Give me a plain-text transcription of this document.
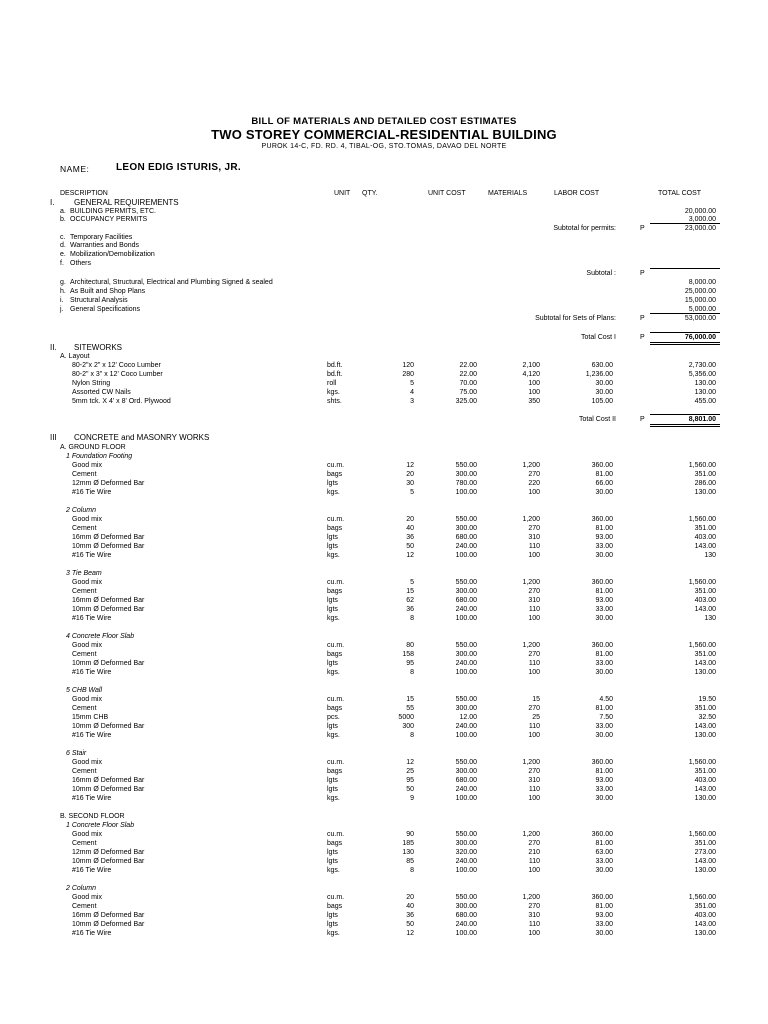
BILL OF MATERIALS AND DETAILED COST ESTIMATES
TWO STOREY COMMERCIAL-RESIDENTIAL BUILDING
PUROK 14-C, FD. RD. 4, TIBAL-OG, STO.TOMAS, DAVAO DEL NORTE
NAME:	LEON EDIG ISTURIS, JR.
DESCRIPTION	UNIT QTY.	UNIT COST	MATERIALS	LABOR COST	TOTAL COST
I. GENERAL REQUIREMENTS
a. BUILDING PERMITS, ETC.	20,000.00
b. OCCUPANCY PERMITS	3,000.00
Subtotal for permits:	P	23,000.00
c. Temporary Facilities
d. Warranties and Bonds
e. Mobilization/Demobilization
f. Others
Subtotal :	P
g. Architectural, Structural, Electrical and Plumbing Signed & sealed	8,000.00
h. As Built and Shop Plans	25,000.00
i. Structural Analysis	15,000.00
j. General Specifications	5,000.00
Subtotal for Sets of Plans:	P	53,000.00
Total Cost I	P	76,000.00
II. SITEWORKS
A. Layout
80-2"x 2" x 12' Coco Lumber	bd.ft.	120	22.00	2,100	630.00	2,730.00
80-2" x 3" x 12' Coco Lumber	bd.ft.	280	22.00	4,120	1,236.00	5,356.00
Nylon String	roll	5	70.00	100	30.00	130.00
Assorted CW Nails	kgs.	4	75.00	100	30.00	130.00
5mm tck. X 4' x 8' Ord. Plywood	shts.	3	325.00	350	105.00	455.00
Total Cost II	P	8,801.00
III CONCRETE and MASONRY WORKS
A. GROUND FLOOR
1 Foundation Footing
Good mix	cu.m.	12	550.00	1,200	360.00	1,560.00
Cement	bags	20	300.00	270	81.00	351.00
12mm Ø Deformed Bar	lgts	30	780.00	220	66.00	286.00
#16 Tie Wire	kgs.	5	100.00	100	30.00	130.00
2 Column
Good mix	cu.m.	20	550.00	1,200	360.00	1,560.00
Cement	bags	40	300.00	270	81.00	351.00
16mm Ø Deformed Bar	lgts	36	680.00	310	93.00	403.00
10mm Ø Deformed Bar	lgts	50	240.00	110	33.00	143.00
#16 Tie Wire	kgs.	12	100.00	100	30.00	130
3 Tie Beam
Good mix	cu.m.	5	550.00	1,200	360.00	1,560.00
Cement	bags	15	300.00	270	81.00	351.00
16mm Ø Deformed Bar	lgts	62	680.00	310	93.00	403.00
10mm Ø Deformed Bar	lgts	36	240.00	110	33.00	143.00
#16 Tie Wire	kgs.	8	100.00	100	30.00	130
4 Concrete Floor Slab
Good mix	cu.m.	80	550.00	1,200	360.00	1,560.00
Cement	bags	158	300.00	270	81.00	351.00
10mm Ø Deformed Bar	lgts	95	240.00	110	33.00	143.00
#16 Tie Wire	kgs.	8	100.00	100	30.00	130.00
5 CHB Wall
Good mix	cu.m.	15	550.00	15	4.50	19.50
Cement	bags	55	300.00	270	81.00	351.00
15mm CHB	pcs.	5000	12.00	25	7.50	32.50
10mm Ø Deformed Bar	lgts	300	240.00	110	33.00	143.00
#16 Tie Wire	kgs.	8	100.00	100	30.00	130.00
6 Stair
Good mix	cu.m.	12	550.00	1,200	360.00	1,560.00
Cement	bags	25	300.00	270	81.00	351.00
16mm Ø Deformed Bar	lgts	95	680.00	310	93.00	403.00
10mm Ø Deformed Bar	lgts	50	240.00	110	33.00	143.00
#16 Tie Wire	kgs.	9	100.00	100	30.00	130.00
B. SECOND FLOOR
1 Concrete Floor Slab
Good mix	cu.m.	90	550.00	1,200	360.00	1,560.00
Cement	bags	185	300.00	270	81.00	351.00
12mm Ø Deformed Bar	lgts	130	320.00	210	63.00	273.00
10mm Ø Deformed Bar	lgts	85	240.00	110	33.00	143.00
#16 Tie Wire	kgs.	8	100.00	100	30.00	130.00
2 Column
Good mix	cu.m.	20	550.00	1,200	360.00	1,560.00
Cement	bags	40	300.00	270	81.00	351.00
16mm Ø Deformed Bar	lgts	36	680.00	310	93.00	403.00
10mm Ø Deformed Bar	lgts	50	240.00	110	33.00	143.00
#16 Tie Wire	kgs.	12	100.00	100	30.00	130.00
